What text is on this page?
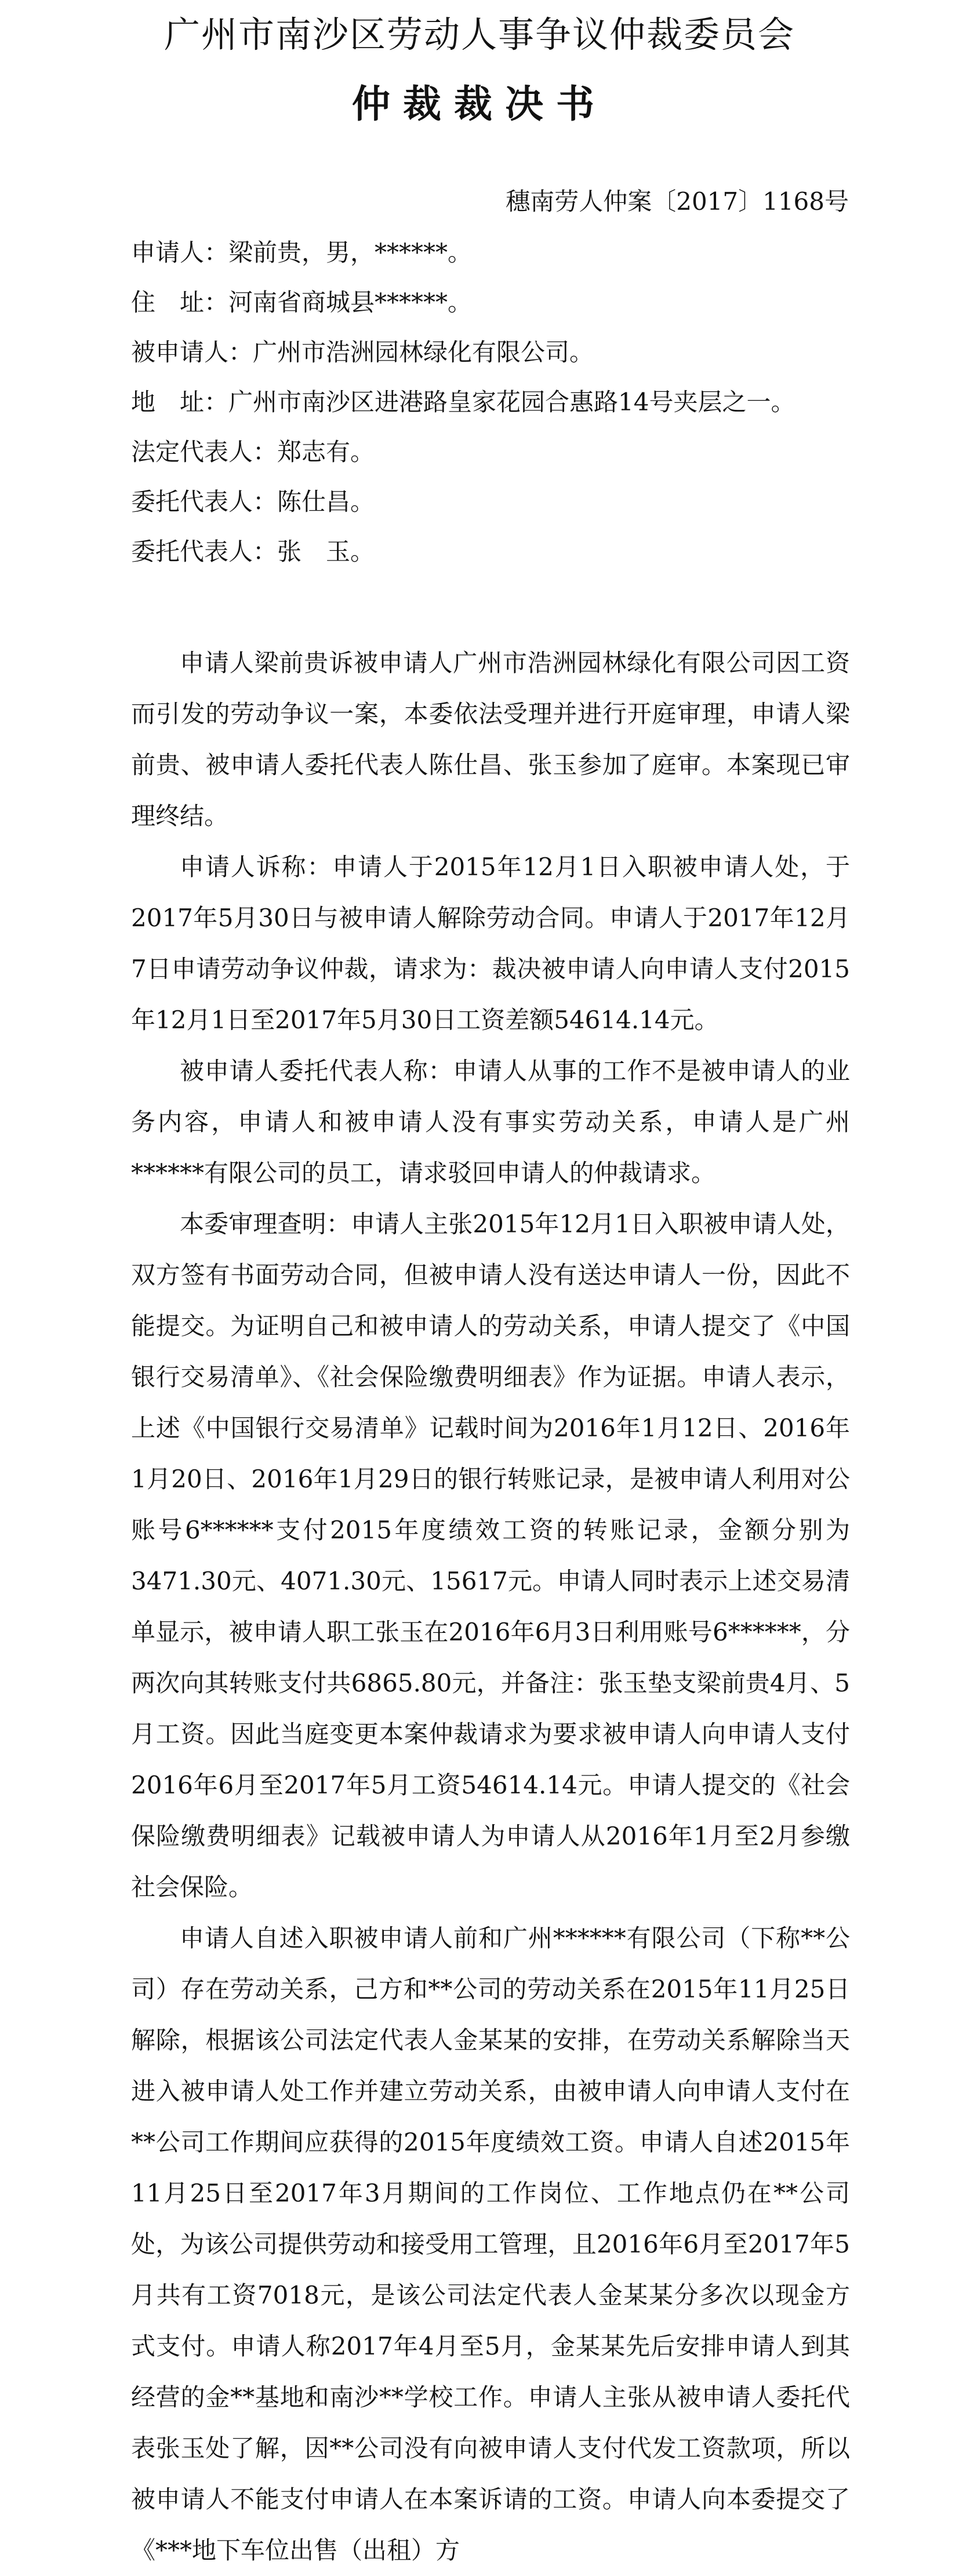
广州市南沙区劳动人事争议仲裁委员会
仲裁裁决书
穗南劳人仲案〔2017〕1168号
申请人：梁前贵，男，******。
住　址：河南省商城县******。
被申请人：广州市浩洲园林绿化有限公司。
地　址：广州市南沙区进港路皇家花园合惠路14号夹层之一。
法定代表人：郑志有。
委托代表人：陈仕昌。
委托代表人：张　玉。

申请人梁前贵诉被申请人广州市浩洲园林绿化有限公司因工资而引发的劳动争议一案，本委依法受理并进行开庭审理，申请人梁前贵、被申请人委托代表人陈仕昌、张玉参加了庭审。本案现已审理终结。

申请人诉称：申请人于2015年12月1日入职被申请人处，于2017年5月30日与被申请人解除劳动合同。申请人于2017年12月7日申请劳动争议仲裁，请求为：裁决被申请人向申请人支付2015年12月1日至2017年5月30日工资差额54614.14元。

被申请人委托代表人称：申请人从事的工作不是被申请人的业务内容，申请人和被申请人没有事实劳动关系，申请人是广州******有限公司的员工，请求驳回申请人的仲裁请求。

本委审理查明：申请人主张2015年12月1日入职被申请人处，双方签有书面劳动合同，但被申请人没有送达申请人一份，因此不能提交。为证明自己和被申请人的劳动关系，申请人提交了《中国银行交易清单》、《社会保险缴费明细表》作为证据。申请人表示，上述《中国银行交易清单》记载时间为2016年1月12日、2016年1月20日、2016年1月29日的银行转账记录，是被申请人利用对公账号6******支付2015年度绩效工资的转账记录，金额分别为3471.30元、4071.30元、15617元。申请人同时表示上述交易清单显示，被申请人职工张玉在2016年6月3日利用账号6******，分两次向其转账支付共6865.80元，并备注：张玉垫支梁前贵4月、5月工资。因此当庭变更本案仲裁请求为要求被申请人向申请人支付2016年6月至2017年5月工资54614.14元。申请人提交的《社会保险缴费明细表》记载被申请人为申请人从2016年1月至2月参缴社会保险。

申请人自述入职被申请人前和广州******有限公司（下称**公司）存在劳动关系，己方和**公司的劳动关系在2015年11月25日解除，根据该公司法定代表人金某某的安排，在劳动关系解除当天进入被申请人处工作并建立劳动关系，由被申请人向申请人支付在**公司工作期间应获得的2015年度绩效工资。申请人自述2015年11月25日至2017年3月期间的工作岗位、工作地点仍在**公司处，为该公司提供劳动和接受用工管理，且2016年6月至2017年5月共有工资7018元，是该公司法定代表人金某某分多次以现金方式支付。申请人称2017年4月至5月，金某某先后安排申请人到其经营的金**基地和南沙**学校工作。申请人主张从被申请人委托代表张玉处了解，因**公司没有向被申请人支付代发工资款项，所以被申请人不能支付申请人在本案诉请的工资。申请人向本委提交了《***地下车位出售（出租）方
